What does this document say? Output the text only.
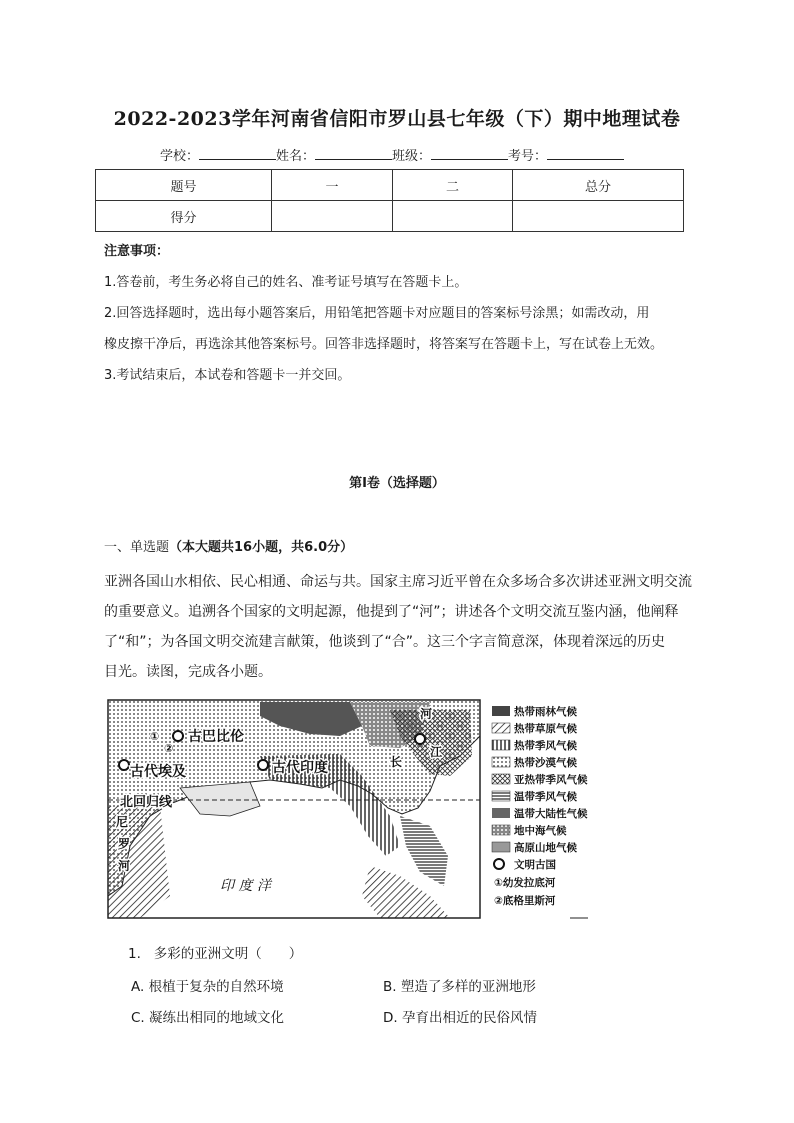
2022-2023学年河南省信阳市罗山县七年级（下）期中地理试卷
学校：	姓名：	班级：	考号：
题号	一	二	总分
得分			

注意事项：

1.答卷前，考生务必将自己的姓名、准考证号填写在答题卡上。

2.回答选择题时，选出每小题答案后，用铅笔把答题卡对应题目的答案标号涂黑；如需改动，用

橡皮擦干净后，再选涂其他答案标号。回答非选择题时，将答案写在答题卡上，写在试卷上无效。

3.考试结束后，本试卷和答题卡一并交回。

第Ⅰ卷（选择题）
一、单选题（本大题共16小题，共6.0分）

亚洲各国山水相依、民心相通、命运与共。国家主席习近平曾在众多场合多次讲述亚洲文明交流

的重要意义。追溯各个国家的文明起源，他提到了“河”；讲述各个文明交流互鉴内涵，他阐释

了“和”；为各国文明交流建言献策，他谈到了“合”。这三个字言简意深，体现着深远的历史

目光。读图，完成各小题。

古巴比伦
古代埃及	古代印度
北回归线
印 度 洋
尼
罗
河
河
江
长
①
②
热带雨林气候
热带草原气候
热带季风气候
热带沙漠气候
亚热带季风气候
温带季风气候
温带大陆性气候
地中海气候
高原山地气候
文明古国
①幼发拉底河
②底格里斯河
1. 多彩的亚洲文明（　　）
A. 根植于复杂的自然环境	B. 塑造了多样的亚洲地形
C. 凝练出相同的地域文化	D. 孕育出相近的民俗风情
